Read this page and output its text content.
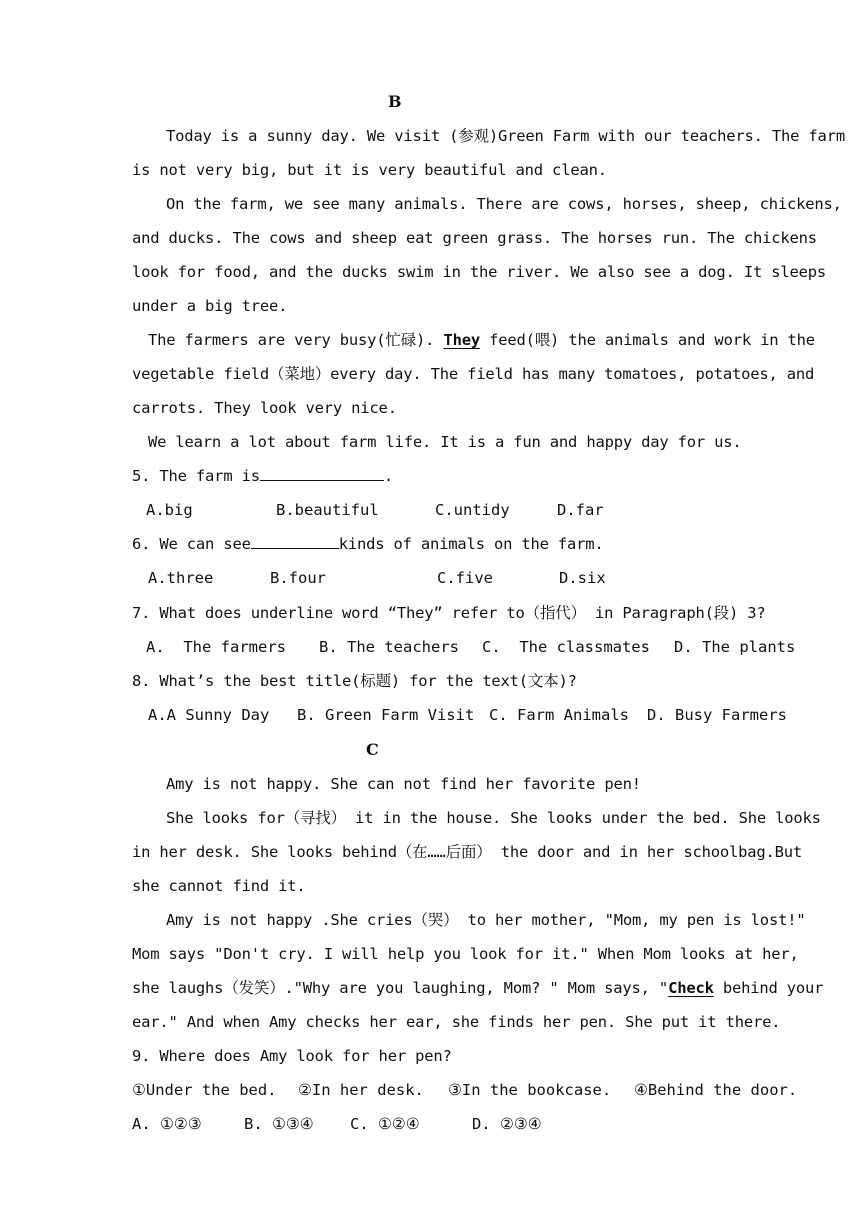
B
Today is a sunny day. We visit (参观)Green Farm with our teachers. The farm
is not very big, but it is very beautiful and clean.
On the farm, we see many animals. There are cows, horses, sheep, chickens,
and ducks. The cows and sheep eat green grass. The horses run. The chickens
look for food, and the ducks swim in the river. We also see a dog. It sleeps
under a big tree.
The farmers are very busy(忙碌). They feed(喂) the animals and work in the
vegetable field（菜地）every day. The field has many tomatoes, potatoes, and
carrots. They look very nice.
We learn a lot about farm life. It is a fun and happy day for us.
5. The farm is	.
A.big	B.beautiful	C.untidy	D.far
6. We can see	kinds of animals on the farm.
A.three	B.four	C.five	D.six
7. What does underline word “They” refer to（指代） in Paragraph(段) 3?
A.  The farmers B. The teachers C.  The classmates D. The plants
8. What’s the best title(标题) for the text(文本)?
A.A Sunny Day B. Green Farm Visit C. Farm Animals D. Busy Farmers
C
Amy is not happy. She can not find her favorite pen!
She looks for（寻找） it in the house. She looks under the bed. She looks
in her desk. She looks behind（在……后面） the door and in her schoolbag.But
she cannot find it.
Amy is not happy .She cries（哭） to her mother, "Mom, my pen is lost!"
Mom says "Don't cry. I will help you look for it." When Mom looks at her,
she laughs（发笑）."Why are you laughing, Mom? " Mom says, "Check behind your
ear." And when Amy checks her ear, she finds her pen. She put it there.
9. Where does Amy look for her pen?
①Under the bed. ②In her desk. ③In the bookcase. ④Behind the door.
A. ①②③	B. ①③④ C. ①②④	D. ②③④
